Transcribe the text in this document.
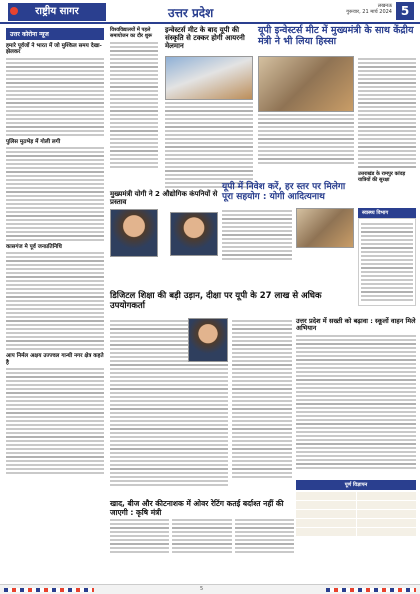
राष्ट्रीय सागर	उत्तर प्रदेश	लखनऊ
गुरूवार, 21 मार्च 2024 5
उत्तर कोरोना न्यूज
हमारे पूर्वजों ने भारत में जो मुश्किल समय देखा-झेलकर
पुलिस मुठभेड़ में गोली लगी
कासगंज मे पूर्व जनप्रतिनिधि
आप निर्मल अक्षय उज्ज्वल गान्धी नगर क्षेत्र कहते है
विश्वविद्यालयों में पहले समायोजन का दौर शुरू
मुख्यमंत्री योगी ने 2 औद्योगिक कंपनियों से प्रस्ताव
इन्वेस्टर्स मीट के बाद यूपी की संस्कृति से टक्कर होगी आयरनी मेलमान
यूपी इन्वेस्टर्स मीट में मुख्यमंत्री के साथ केंद्रीय मंत्री ने भी लिया हिस्सा
उत्तराखंड के रामपुर कांवड़ यात्रियों की सुरक्षा
यूपी में निवेश करें, हर स्तर पर मिलेगा पूरा सहयोग : योगी आदित्यनाथ
डिजिटल शिक्षा की बड़ी उड़ान, दीक्षा पर यूपी के 27 लाख से अधिक उपयोगकर्ता
उत्तर प्रदेश में सख्ती को बढ़ावा : स्कूलों वाहन मिले अभियान
स्वास्थ्य विभाग
पूर्ण विज्ञापन
खाद, बीज और कीटनाशक में ओवर रेटिंग कतई बर्दाश्त नहीं की जाएगी : कृषि मंत्री
5
